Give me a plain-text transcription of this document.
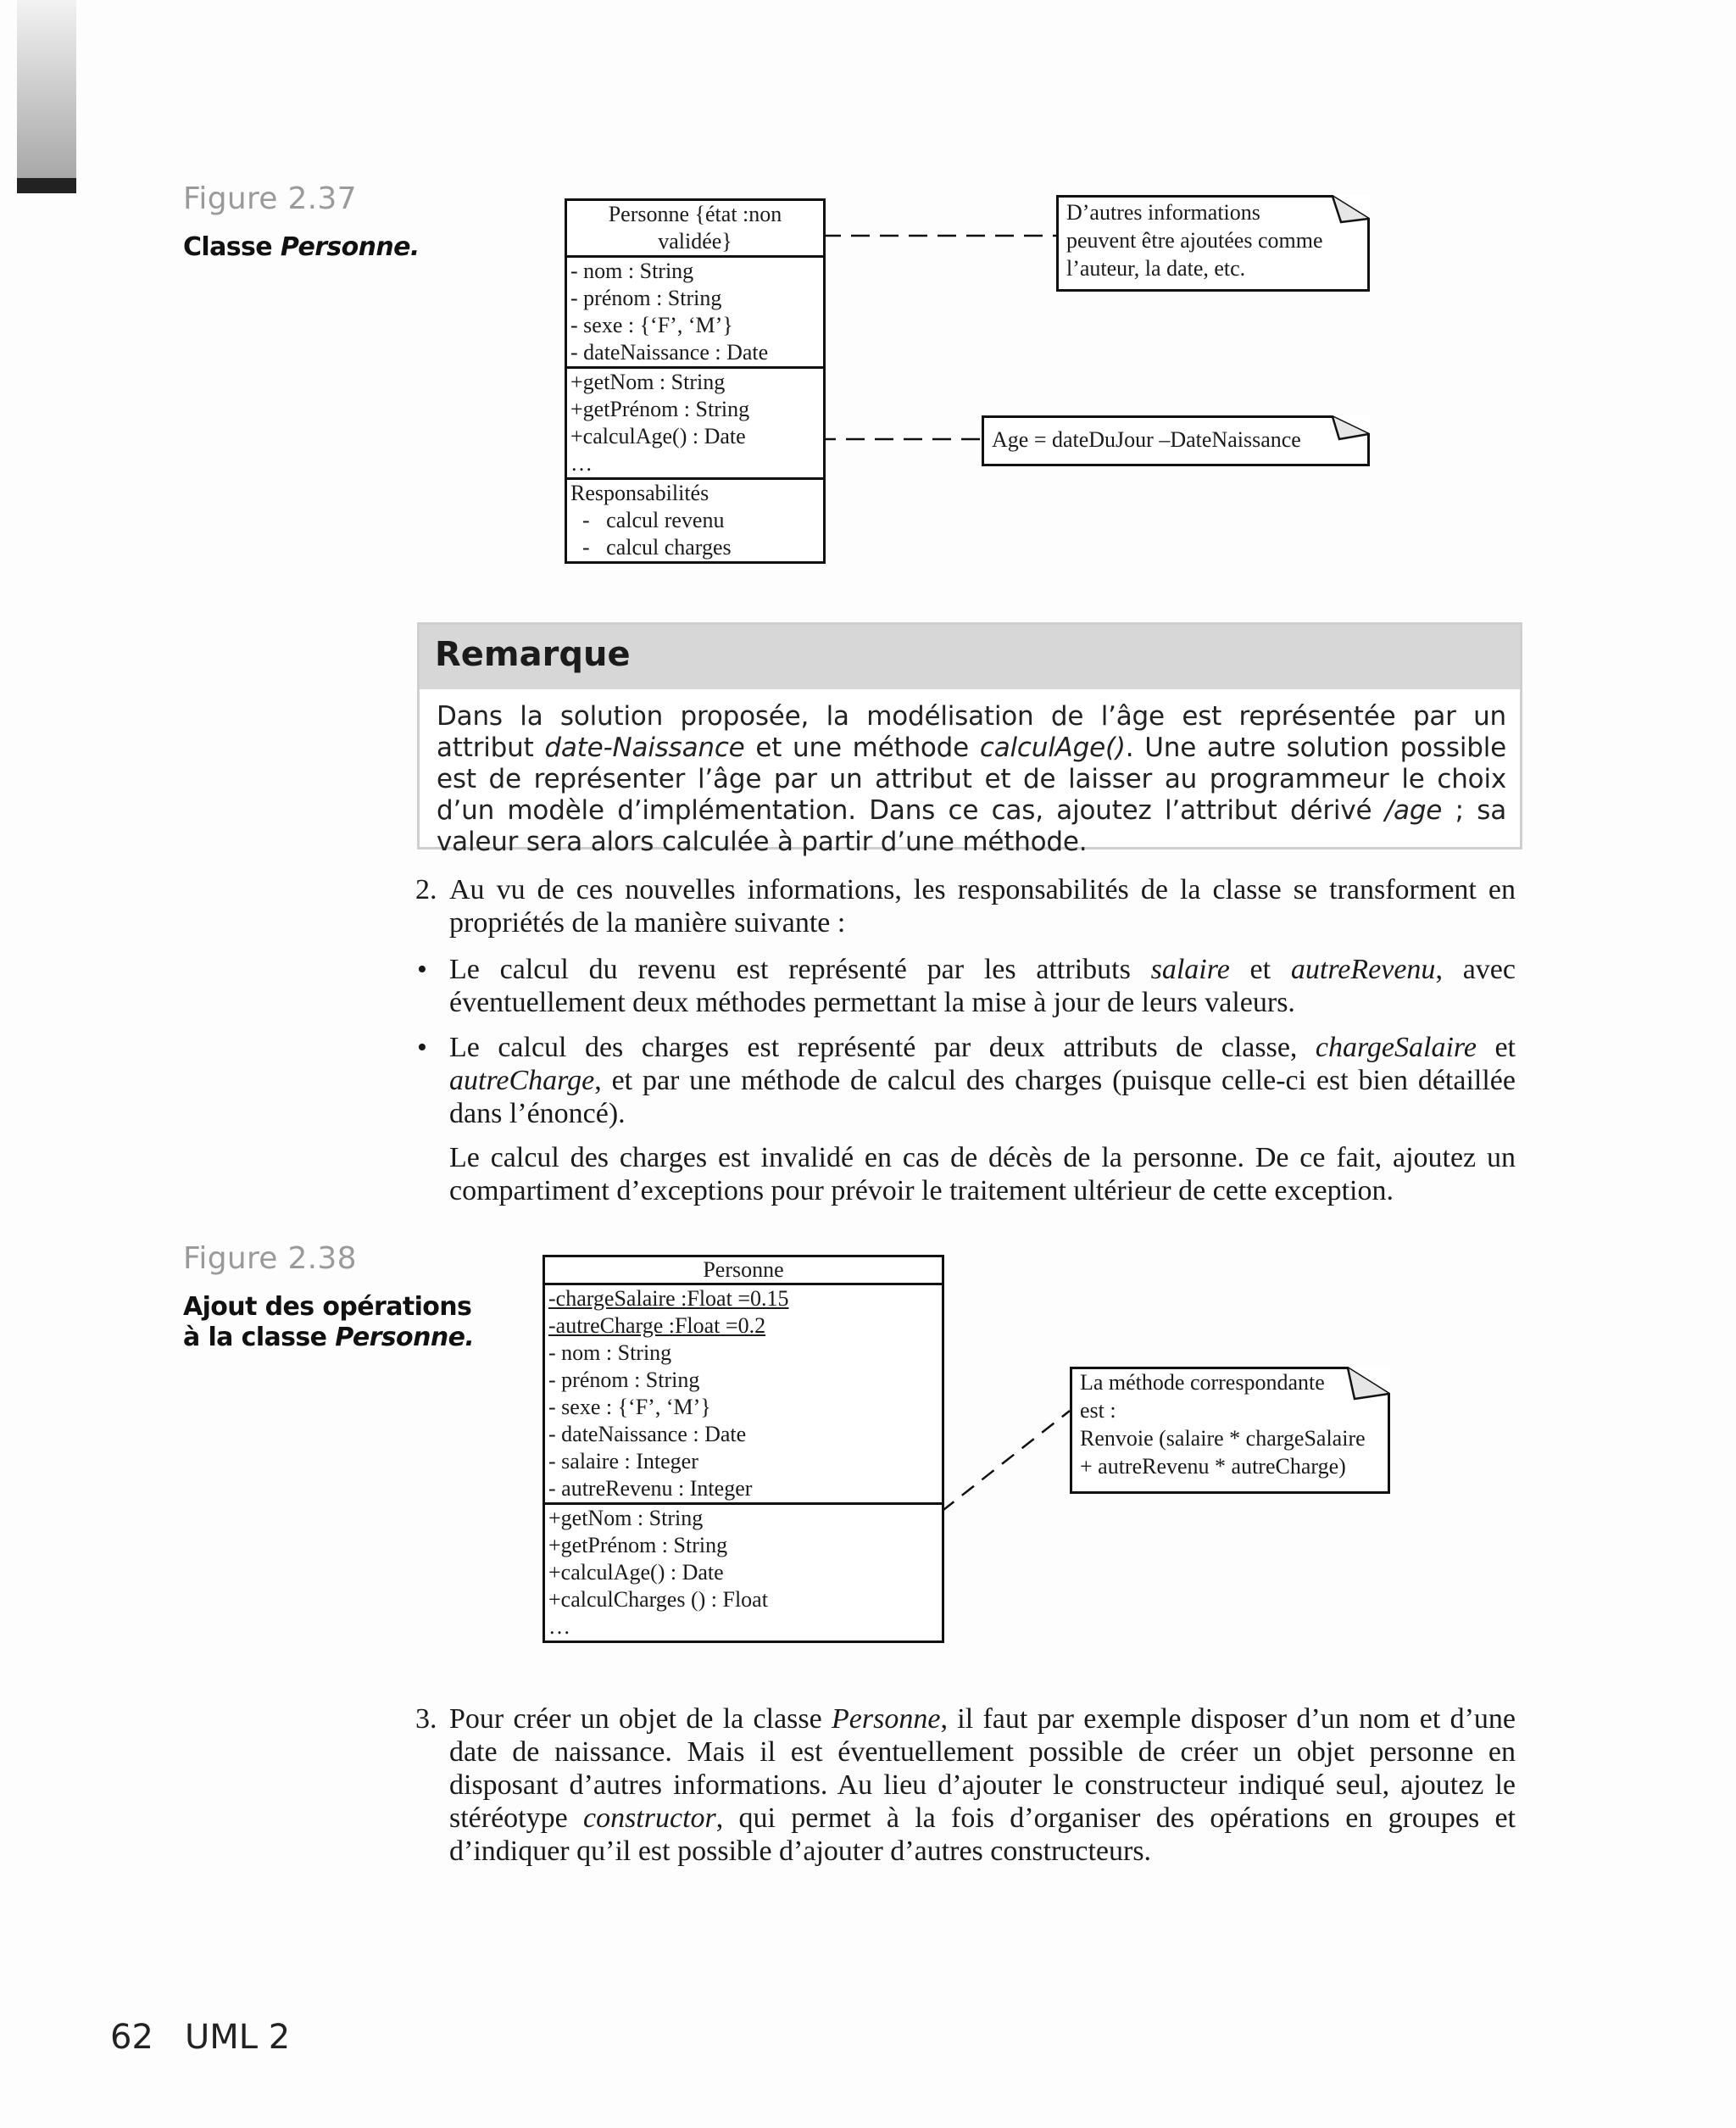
Figure 2.37
Classe Personne.
Personne {état :non
validée}
- nom : String
- prénom : String
- sexe : {‘F’, ‘M’}
- dateNaissance : Date
+getNom : String
+getPrénom : String
+calculAge() : Date
…
Responsabilités
-   calcul revenu
-   calcul charges
D’autres informations
peuvent être ajoutées comme
l’auteur, la date, etc.
Age = dateDuJour –DateNaissance
Remarque
Dans la solution proposée, la modélisation de l’âge est représentée par un attribut date-Naissance et une méthode calculAge(). Une autre solution possible est de représenter l’âge par un attribut et de laisser au programmeur le choix d’un modèle d’implémentation. Dans ce cas, ajoutez l’attribut dérivé /age ; sa valeur sera alors calculée à partir d’une méthode.
2. Au vu de ces nouvelles informations, les responsabilités de la classe se transforment en propriétés de la manière suivante :
• Le calcul du revenu est représenté par les attributs salaire et autreRevenu, avec éventuellement deux méthodes permettant la mise à jour de leurs valeurs.
• Le calcul des charges est représenté par deux attributs de classe, chargeSalaire et autreCharge, et par une méthode de calcul des charges (puisque celle-ci est bien détaillée dans l’énoncé).
Le calcul des charges est invalidé en cas de décès de la personne. De ce fait, ajoutez un compartiment d’exceptions pour prévoir le traitement ultérieur de cette exception.
Figure 2.38
Ajout des opérations
à la classe Personne.
Personne
-chargeSalaire :Float =0.15
-autreCharge :Float =0.2
- nom : String
- prénom : String
- sexe : {‘F’, ‘M’}
- dateNaissance : Date
- salaire : Integer
- autreRevenu : Integer
+getNom : String
+getPrénom : String
+calculAge() : Date
+calculCharges () : Float
…
La méthode correspondante
est :
Renvoie (salaire * chargeSalaire
+ autreRevenu * autreCharge)
3. Pour créer un objet de la classe Personne, il faut par exemple disposer d’un nom et d’une date de naissance. Mais il est éventuellement possible de créer un objet personne en disposant d’autres informations. Au lieu d’ajouter le constructeur indiqué seul, ajoutez le stéréotype constructor, qui permet à la fois d’organiser des opérations en groupes et d’indiquer qu’il est possible d’ajouter d’autres constructeurs.
62 UML 2
